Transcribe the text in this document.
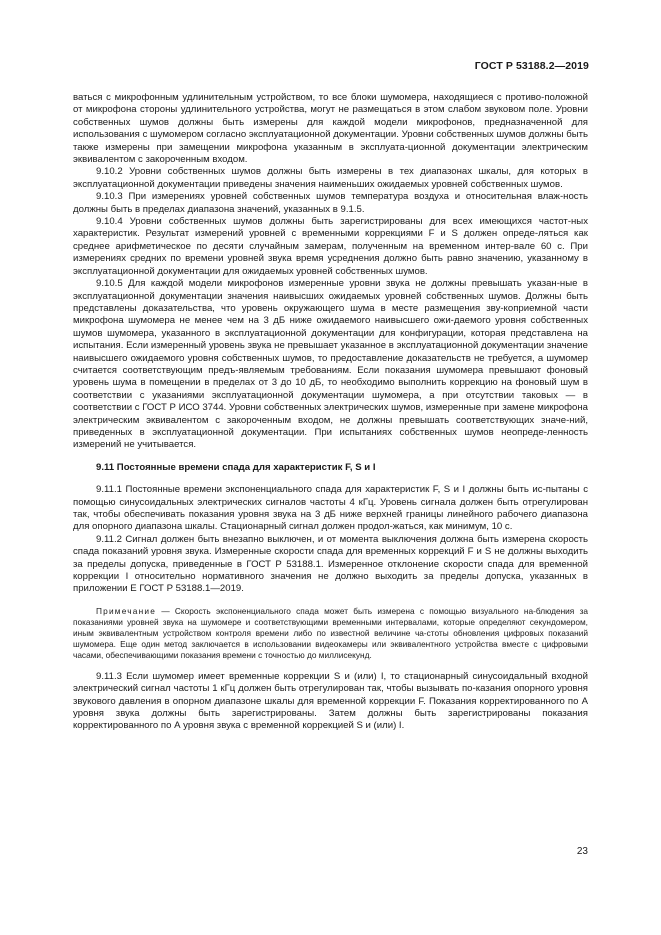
ГОСТ Р 53188.2—2019

ваться с микрофонным удлинительным устройством, то все блоки шумомера, находящиеся с противо-положной от микрофона стороны удлинительного устройства, могут не размещаться в этом слабом звуковом поле. Уровни собственных шумов должны быть измерены для каждой модели микрофонов, предназначенной для использования с шумомером согласно эксплуатационной документации. Уровни собственных шумов должны быть также измерены при замещении микрофона указанным в эксплуата-ционной документации электрическим эквивалентом с закороченным входом.

9.10.2 Уровни собственных шумов должны быть измерены в тех диапазонах шкалы, для которых в эксплуатационной документации приведены значения наименьших ожидаемых уровней собственных шумов.

9.10.3 При измерениях уровней собственных шумов температура воздуха и относительная влаж-ность должны быть в пределах диапазона значений, указанных в 9.1.5.

9.10.4 Уровни собственных шумов должны быть зарегистрированы для всех имеющихся частот-ных характеристик. Результат измерений уровней с временными коррекциями F и S должен опреде-ляться как среднее арифметическое по десяти случайным замерам, полученным на временном интер-вале 60 с. При измерениях средних по времени уровней звука время усреднения должно быть равно значению, указанному в эксплуатационной документации для ожидаемых уровней собственных шумов.

9.10.5 Для каждой модели микрофонов измеренные уровни звука не должны превышать указан-ные в эксплуатационной документации значения наивысших ожидаемых уровней собственных шумов. Должны быть представлены доказательства, что уровень окружающего шума в месте размещения зву-коприемной части микрофона шумомера не менее чем на 3 дБ ниже ожидаемого наивысшего ожи-даемого уровня собственных шумов шумомера, указанного в эксплуатационной документации для конфигурации, которая представлена на испытания. Если измеренный уровень звука не превышает указанное в эксплуатационной документации значение наивысшего ожидаемого уровня собственных шумов, то предоставление доказательств не требуется, а шумомер считается соответствующим предъ-являемым требованиям. Если показания шумомера превышают фоновый уровень шума в помещении в пределах от 3 до 10 дБ, то необходимо выполнить коррекцию на фоновый шум в соответствии с указаниями эксплуатационной документации шумомера, а при отсутствии таковых — в соответствии с ГОСТ Р ИСО 3744. Уровни собственных электрических шумов, измеренные при замене микрофона электрическим эквивалентом с закороченным входом, не должны превышать соответствующих значе-ний, приведенных в эксплуатационной документации. При испытаниях собственных шумов неопреде-ленность измерений не учитывается.

9.11 Постоянные времени спада для характеристик F, S и I

9.11.1 Постоянные времени экспоненциального спада для характеристик F, S и I должны быть ис-пытаны с помощью синусоидальных электрических сигналов частоты 4 кГц. Уровень сигнала должен быть отрегулирован так, чтобы обеспечивать показания уровня звука на 3 дБ ниже верхней границы линейного рабочего диапазона для опорного диапазона шкалы. Стационарный сигнал должен продол-жаться, как минимум, 10 с.

9.11.2 Сигнал должен быть внезапно выключен, и от момента выключения должна быть измерена скорость спада показаний уровня звука. Измеренные скорости спада для временных коррекций F и S не должны выходить за пределы допуска, приведенные в ГОСТ Р 53188.1. Измеренное отклонение скорости спада для временной коррекции I относительно нормативного значения не должно выходить за пределы допуска, указанных в приложении Е ГОСТ Р 53188.1—2019.

Примечание — Скорость экспоненциального спада может быть измерена с помощью визуального на-блюдения за показаниями уровней звука на шумомере и соответствующими временными интервалами, которые определяют секундомером, иным эквивалентным устройством контроля времени либо по известной величине ча-стоты обновления цифровых показаний шумомера. Еще один метод заключается в использовании видеокамеры или эквивалентного устройства вместе с цифровыми часами, обеспечивающими показания времени с точностью до миллисекунд.

9.11.3 Если шумомер имеет временные коррекции S и (или) I, то стационарный синусоидальный входной электрический сигнал частоты 1 кГц должен быть отрегулирован так, чтобы вызывать по-казания опорного уровня звукового давления в опорном диапазоне шкалы для временной коррекции F. Показания корректированного по А уровня звука должны быть зарегистрированы. Затем должны быть зарегистрированы показания корректированного по А уровня звука с временной коррекцией S и (или) I.

23
